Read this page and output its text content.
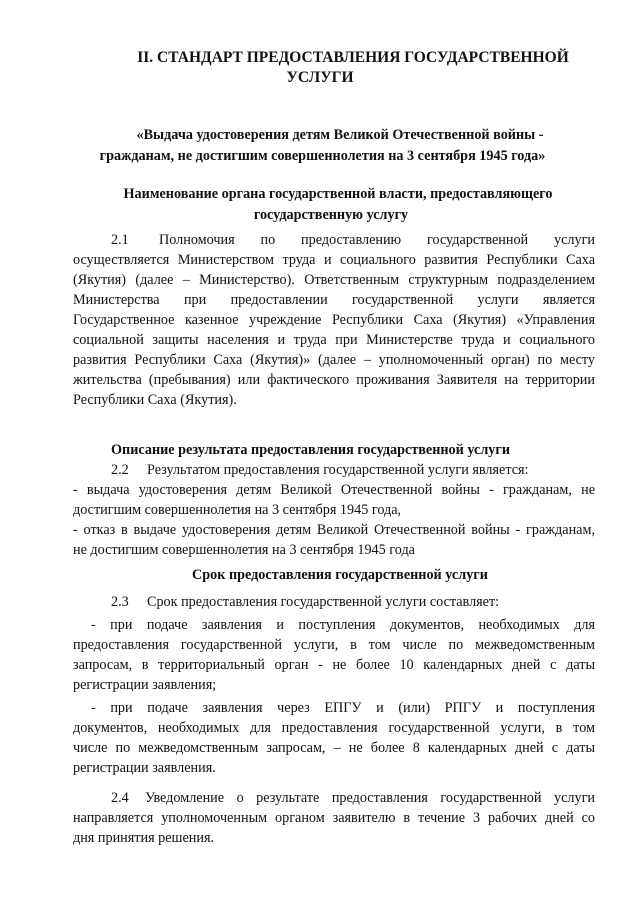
II. СТАНДАРТ ПРЕДОСТАВЛЕНИЯ ГОСУДАРСТВЕННОЙ
УСЛУГИ
«Выдача удостоверения детям Великой Отечественной войны -
гражданам, не достигшим совершеннолетия на 3 сентября 1945 года»
Наименование органа государственной власти, предоставляющего
государственную услугу
2.1 Полномочия по предоставлению государственной услуги
осуществляется Министерством труда и социального развития Республики Саха
(Якутия) (далее – Министерство). Ответственным структурным подразделением
Министерства при предоставлении государственной услуги является
Государственное казенное учреждение Республики Саха (Якутия) «Управления
социальной защиты населения и труда при Министерстве труда и социального
развития Республики Саха (Якутия)» (далее – уполномоченный орган) по месту
жительства (пребывания) или фактического проживания Заявителя на территории
Республики Саха (Якутия).
Описание результата предоставления государственной услуги
2.2 Результатом предоставления государственной услуги является:
- выдача удостоверения детям Великой Отечественной войны - гражданам, не
достигшим совершеннолетия на 3 сентября 1945 года,
- отказ в выдаче удостоверения детям Великой Отечественной войны - гражданам,
не достигшим совершеннолетия на 3 сентября 1945 года
Срок предоставления государственной услуги
2.3 Срок предоставления государственной услуги составляет:
- при подаче заявления и поступления документов, необходимых для
предоставления государственной услуги, в том числе по межведомственным
запросам, в территориальный орган - не более 10 календарных дней с даты
регистрации заявления;
- при подаче заявления через ЕПГУ и (или) РПГУ и поступления
документов, необходимых для предоставления государственной услуги, в том
числе по межведомственным запросам, – не более 8 календарных дней с даты
регистрации заявления.
2.4 Уведомление о результате предоставления государственной услуги
направляется уполномоченным органом заявителю в течение 3 рабочих дней со
дня принятия решения.
